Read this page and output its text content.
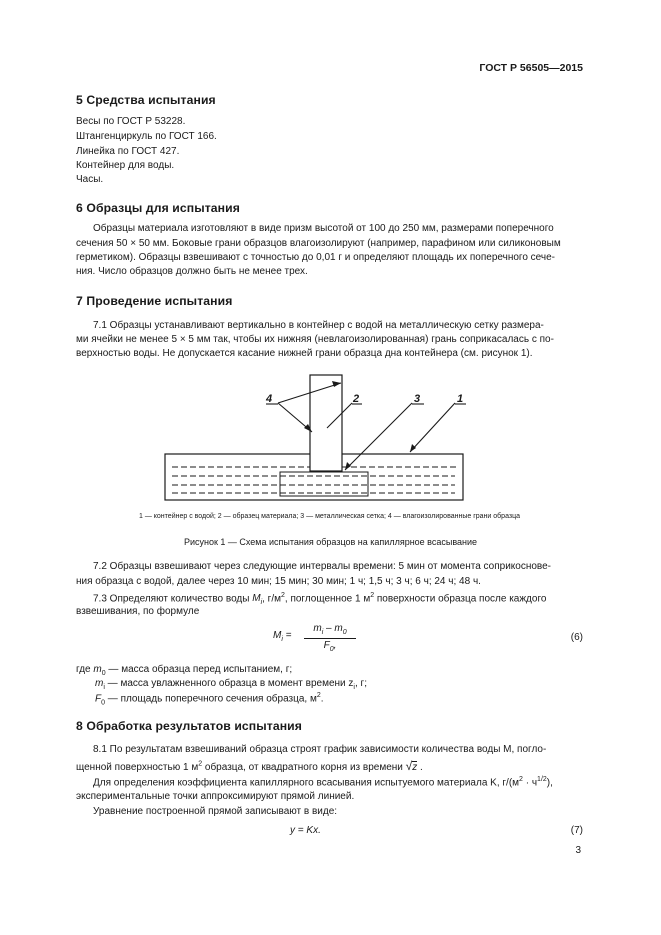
ГОСТ Р 56505—2015
5 Средства испытания
Весы по ГОСТ Р 53228.
Штангенциркуль по ГОСТ 166.
Линейка по ГОСТ 427.
Контейнер для воды.
Часы.
6 Образцы для испытания
Образцы материала изготовляют в виде призм высотой от 100 до 250 мм, размерами поперечного
сечения 50 × 50 мм. Боковые грани образцов влагоизолируют (например, парафином или силиконовым
герметиком). Образцы взвешивают с точностью до 0,01 г и определяют площадь их поперечного сече-
ния. Число образцов должно быть не менее трех.
7 Проведение испытания
7.1 Образцы устанавливают вертикально в контейнер с водой на металлическую сетку размера-
ми ячейки не менее 5 × 5 мм так, чтобы их нижняя (невлагоизолированная) грань соприкасалась с по-
верхностью воды. Не допускается касание нижней грани образца дна контейнера (см. рисунок 1).
4	2	3	1
1 — контейнер с водой; 2 — образец материала; 3 — металлическая сетка; 4 — влагоизолированные грани образца
Рисунок 1 — Схема испытания образцов на капиллярное всасывание
7.2 Образцы взвешивают через следующие интервалы времени: 5 мин от момента соприкоснове-
ния образца с водой, далее через 10 мин; 15 мин; 30 мин; 1 ч; 1,5 ч; 3 ч; 6 ч; 24 ч; 48 ч.
7.3 Определяют количество воды $M_i$, $г/м^2$, поглощенное 1 $м^2$ поверхности образца после каждого
взвешивания, по формуле
$M_i$ =
$m_i - m_0$
$F_0$,
(6)
где $m_0$ — масса образца перед испытанием, г;
$m_i$ — масса увлажненного образца в момент времени $z_i$, г;
$F_0$ — площадь поперечного сечения образца, $м^2$.
8 Обработка результатов испытания
8.1 По результатам взвешиваний образца строят график зависимости количества воды M, погло-
щенной поверхностью 1 $м^2$ образца, от квадратного корня из времени √z .
Для определения коэффициента капиллярного всасывания испытуемого материала K, $г/(м^2 \cdot ч^{1/2})$,
экспериментальные точки аппроксимируют прямой линией.
Уравнение построенной прямой записывают в виде:
y = Kx.	(7)
3
